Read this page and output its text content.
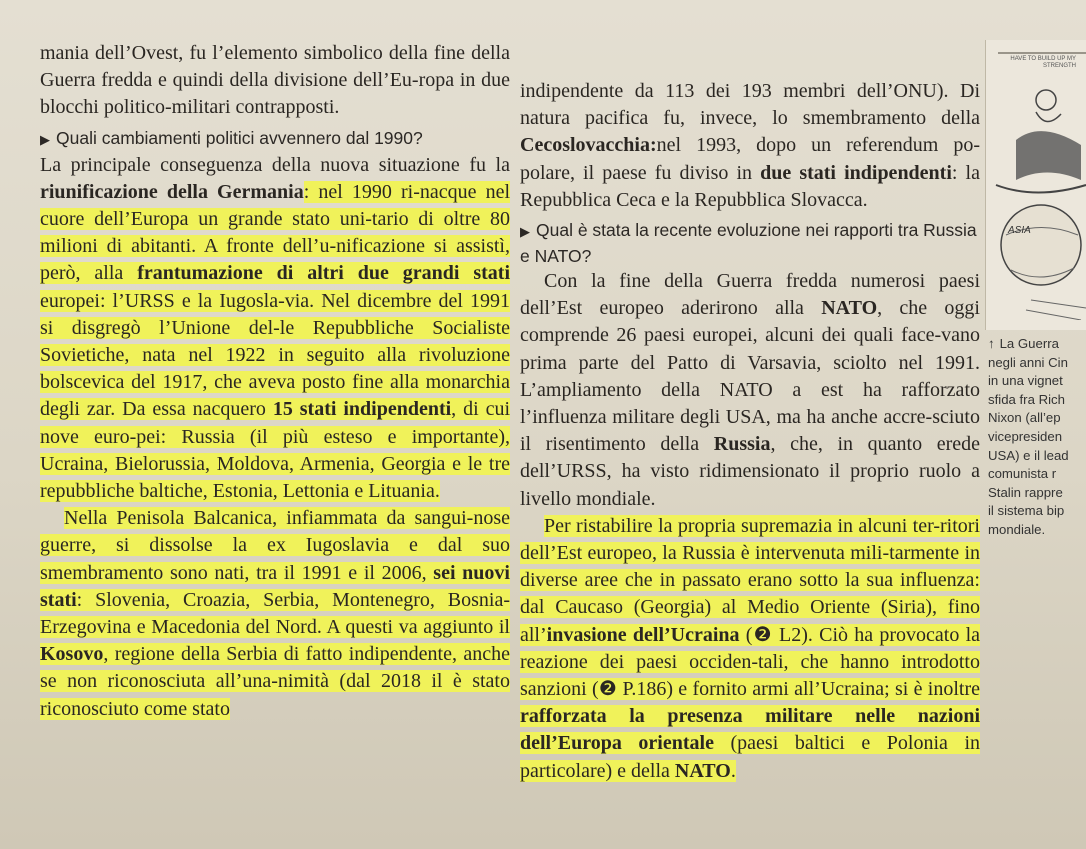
mania dell’Ovest, fu l’elemento simbolico della fine della Guerra fredda e quindi della divisione dell’Eu-ropa in due blocchi politico-militari contrapposti.

▶ Quali cambiamenti politici avvennero dal 1990?

La principale conseguenza della nuova situazione fu la riunificazione della Germania: nel 1990 ri-nacque nel cuore dell’Europa un grande stato uni-tario di oltre 80 milioni di abitanti. A fronte dell’u-nificazione si assistì, però, alla frantumazione di altri due grandi stati europei: l’URSS e la Iugosla-via. Nel dicembre del 1991 si disgregò l’Unione del-le Repubbliche Socialiste Sovietiche, nata nel 1922 in seguito alla rivoluzione bolscevica del 1917, che aveva posto fine alla monarchia degli zar. Da essa nacquero 15 stati indipendenti, di cui nove euro-pei: Russia (il più esteso e importante), Ucraina, Bielorussia, Moldova, Armenia, Georgia e le tre repubbliche baltiche, Estonia, Lettonia e Lituania.

Nella Penisola Balcanica, infiammata da sangui-nose guerre, si dissolse la ex Iugoslavia e dal suo smembramento sono nati, tra il 1991 e il 2006, sei nuovi stati: Slovenia, Croazia, Serbia, Montenegro, Bosnia-Erzegovina e Macedonia del Nord. A questi va aggiunto il Kosovo, regione della Serbia di fatto indipendente, anche se non riconosciuta all’una-nimità (dal 2018 il è stato riconosciuto come stato

indipendente da 113 dei 193 membri dell’ONU). Di natura pacifica fu, invece, lo smembramento della Cecoslovacchia:nel 1993, dopo un referendum po-polare, il paese fu diviso in due stati indipendenti: la Repubblica Ceca e la Repubblica Slovacca.

▶ Qual è stata la recente evoluzione nei rapporti tra Russia e NATO?

Con la fine della Guerra fredda numerosi paesi dell’Est europeo aderirono alla NATO, che oggi comprende 26 paesi europei, alcuni dei quali face-vano prima parte del Patto di Varsavia, sciolto nel 1991. L’ampliamento della NATO a est ha rafforzato l’influenza militare degli USA, ma ha anche accre-sciuto il risentimento della Russia, che, in quanto erede dell’URSS, ha visto ridimensionato il proprio ruolo a livello mondiale.

Per ristabilire la propria supremazia in alcuni ter-ritori dell’Est europeo, la Russia è intervenuta mili-tarmente in diverse aree che in passato erano sotto la sua influenza: dal Caucaso (Georgia) al Medio Oriente (Siria), fino all’invasione dell’Ucraina (❷ L2). Ciò ha provocato la reazione dei paesi occiden-tali, che hanno introdotto sanzioni (❷ P.186) e fornito armi all’Ucraina; si è inoltre rafforzata la presenza militare nelle nazioni dell’Europa orientale (paesi baltici e Polonia in particolare) e della NATO.

HAVE TO BUILD UP MY STRENGTH
ASIA
↑ La Guerra
negli anni Cin
in una vignet
sfida fra Rich
Nixon (all’ep
vicepresiden
USA) e il lead
comunista r
Stalin rappre
il sistema bip
mondiale.
